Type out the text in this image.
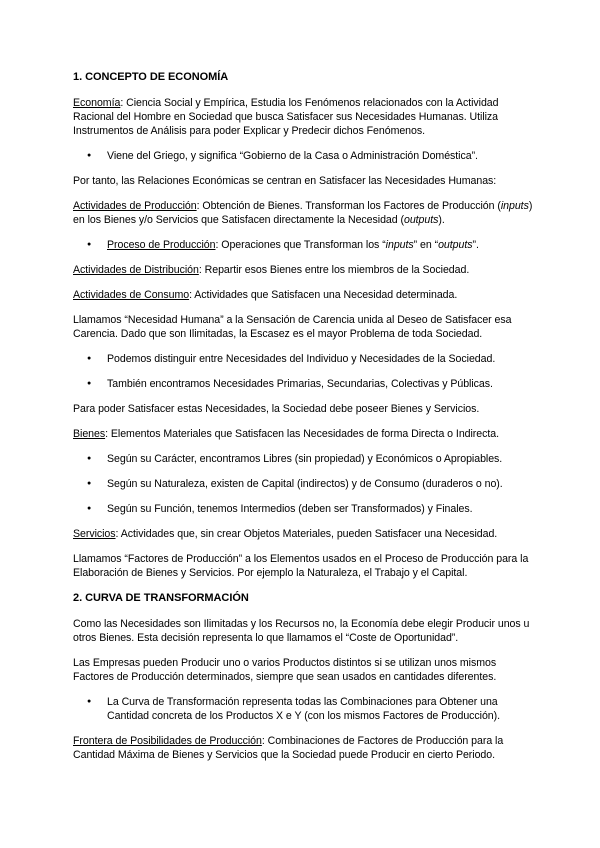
1. CONCEPTO DE ECONOMÍA

Economía: Ciencia Social y Empírica, Estudia los Fenómenos relacionados con la Actividad Racional del Hombre en Sociedad que busca Satisfacer sus Necesidades Humanas. Utiliza Instrumentos de Análisis para poder Explicar y Predecir dichos Fenómenos.

● Viene del Griego, y significa “Gobierno de la Casa o Administración Doméstica”.

Por tanto, las Relaciones Económicas se centran en Satisfacer las Necesidades Humanas:

Actividades de Producción: Obtención de Bienes. Transforman los Factores de Producción (inputs) en los Bienes y/o Servicios que Satisfacen directamente la Necesidad (outputs).

● Proceso de Producción: Operaciones que Transforman los “inputs” en “outputs”.

Actividades de Distribución: Repartir esos Bienes entre los miembros de la Sociedad.

Actividades de Consumo: Actividades que Satisfacen una Necesidad determinada.

Llamamos “Necesidad Humana” a la Sensación de Carencia unida al Deseo de Satisfacer esa Carencia. Dado que son Ilimitadas, la Escasez es el mayor Problema de toda Sociedad.

● Podemos distinguir entre Necesidades del Individuo y Necesidades de la Sociedad.
● También encontramos Necesidades Primarias, Secundarias, Colectivas y Públicas.

Para poder Satisfacer estas Necesidades, la Sociedad debe poseer Bienes y Servicios.

Bienes: Elementos Materiales que Satisfacen las Necesidades de forma Directa o Indirecta.

● Según su Carácter, encontramos Libres (sin propiedad) y Económicos o Apropiables.
● Según su Naturaleza, existen de Capital (indirectos) y de Consumo (duraderos o no).
● Según su Función, tenemos Intermedios (deben ser Transformados) y Finales.

Servicios: Actividades que, sin crear Objetos Materiales, pueden Satisfacer una Necesidad.

Llamamos “Factores de Producción” a los Elementos usados en el Proceso de Producción para la Elaboración de Bienes y Servicios. Por ejemplo la Naturaleza, el Trabajo y el Capital.

2. CURVA DE TRANSFORMACIÓN

Como las Necesidades son Ilimitadas y los Recursos no, la Economía debe elegir Producir unos u otros Bienes. Esta decisión representa lo que llamamos el “Coste de Oportunidad”.

Las Empresas pueden Producir uno o varios Productos distintos si se utilizan unos mismos Factores de Producción determinados, siempre que sean usados en cantidades diferentes.

● La Curva de Transformación representa todas las Combinaciones para Obtener una Cantidad concreta de los Productos X e Y (con los mismos Factores de Producción).

Frontera de Posibilidades de Producción: Combinaciones de Factores de Producción para la Cantidad Máxima de Bienes y Servicios que la Sociedad puede Producir en cierto Periodo.
